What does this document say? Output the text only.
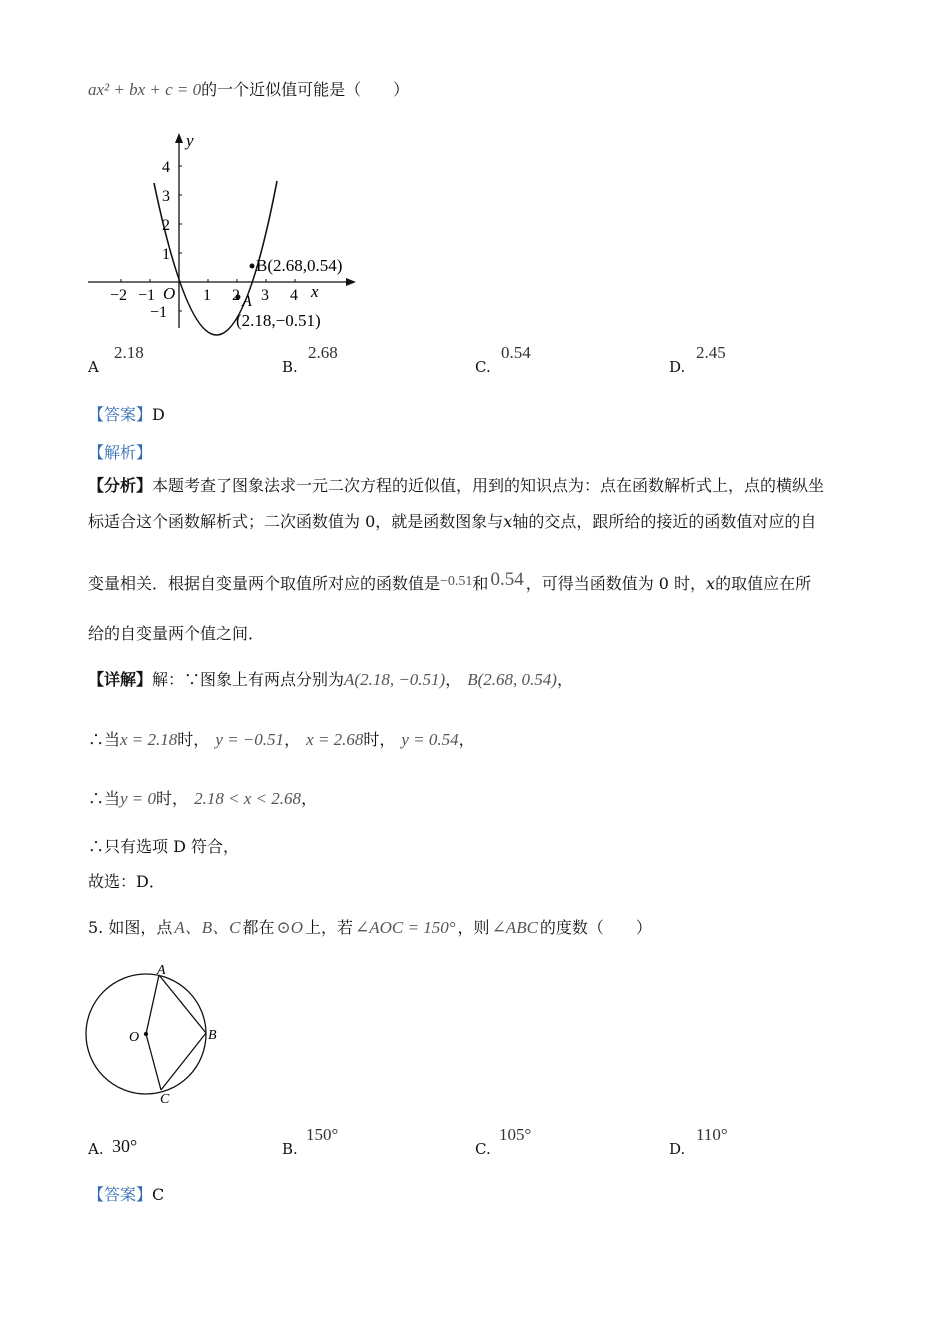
ax² + bx + c = 0的一个近似值可能是（　　）
y
x
O
4
3
2
1
−1
−2 −1	1 2 3 4
B(2.68,0.54)
A
(2.18,−0.51)
A
2.18
B.
2.68
C.
0.54
D.
2.45
【答案】D
【解析】
【分析】本题考查了图象法求一元二次方程的近似值，用到的知识点为：点在函数解析式上，点的横纵坐
标适合这个函数解析式；二次函数值为 0，就是函数图象与x轴的交点，跟所给的接近的函数值对应的自
变量相关．根据自变量两个取值所对应的函数值是−0.51和 0.54 ，可得当函数值为 0 时，x的取值应在所
给的自变量两个值之间．
【详解】解：∵图象上有两点分别为A(2.18, −0.51)， B(2.68, 0.54)，
∴当x = 2.18时， y = −0.51， x = 2.68时， y = 0.54，
∴当y = 0时， 2.18 < x < 2.68，
∴只有选项 D 符合，
故选：D．
5. 如图，点 A、B、C 都在 ⊙O 上，若 ∠AOC = 150° ，则 ∠ABC 的度数（　　）
A
B
C
O
A. 30°	B.
150°
C.
105°
D.
110°
【答案】C
